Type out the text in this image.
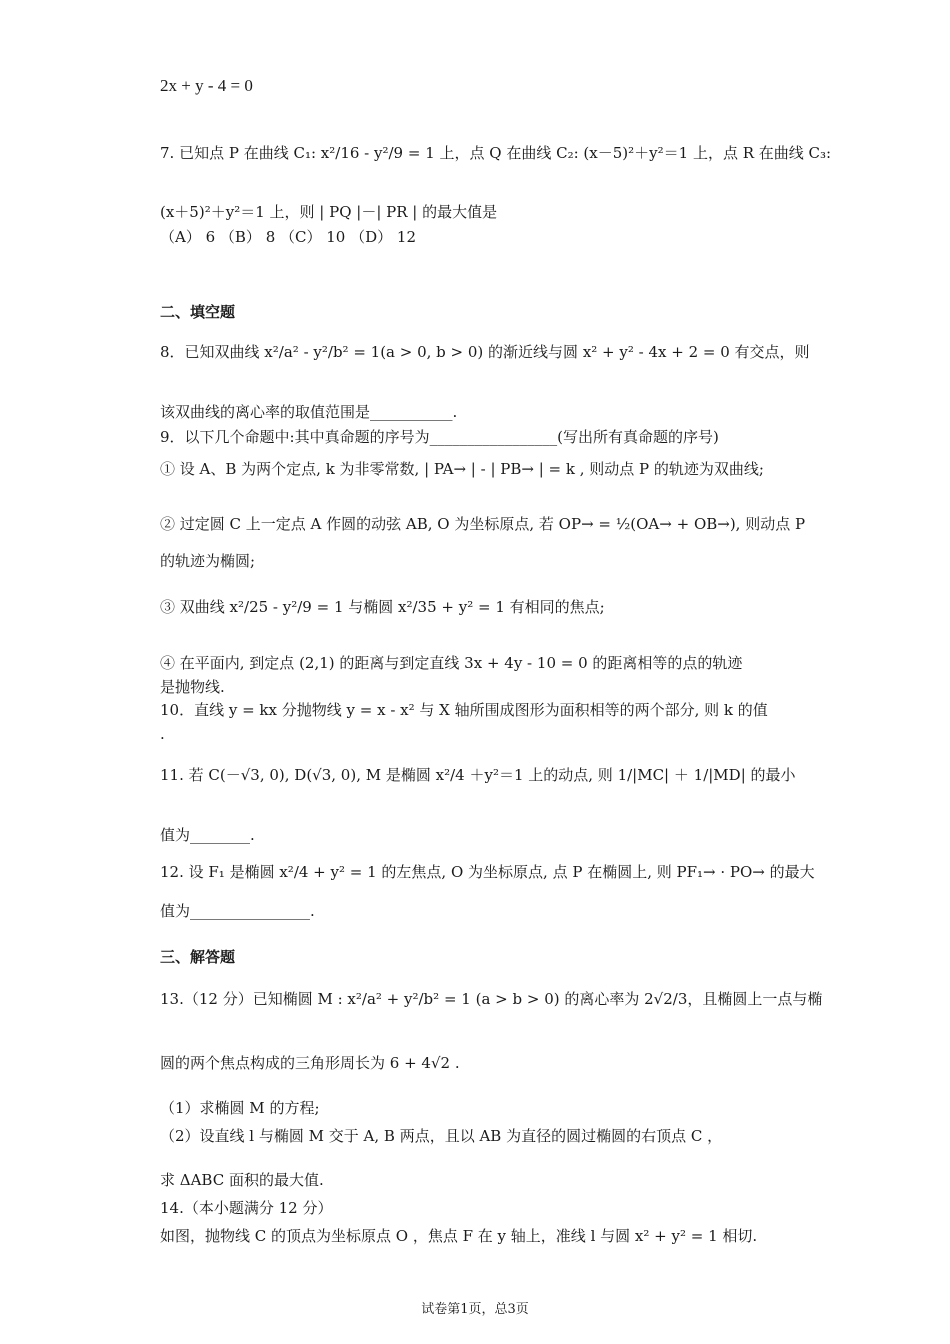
2x + y - 4 = 0
7. 已知点 P 在曲线 C₁: x²/16 - y²/9 = 1 上，点 Q 在曲线 C₂: (x－5)²＋y²＝1 上，点 R 在曲线 C₃:
(x＋5)²＋y²＝1 上，则 | PQ |－| PR | 的最大值是
（A） 6 （B） 8 （C） 10 （D） 12
二、填空题
8．已知双曲线 x²/a² - y²/b² = 1(a > 0, b > 0) 的渐近线与圆 x² + y² - 4x + 2 = 0 有交点，则
该双曲线的离心率的取值范围是___________.
9．以下几个命题中:其中真命题的序号为_________________(写出所有真命题的序号)
① 设 A、B 为两个定点, k 为非零常数, | PA→ | - | PB→ | = k , 则动点 P 的轨迹为双曲线;
② 过定圆 C 上一定点 A 作圆的动弦 AB, O 为坐标原点, 若 OP→ = ½(OA→ + OB→), 则动点 P
的轨迹为椭圆;
③ 双曲线 x²/25 - y²/9 = 1 与椭圆 x²/35 + y² = 1 有相同的焦点;
④ 在平面内, 到定点 (2,1) 的距离与到定直线 3x + 4y - 10 = 0 的距离相等的点的轨迹
是抛物线.
10．直线 y = kx 分抛物线 y = x - x² 与 X 轴所围成图形为面积相等的两个部分, 则 k 的值
.
11. 若 C(－√3, 0), D(√3, 0), M 是椭圆 x²/4 ＋y²＝1 上的动点, 则 1/|MC| ＋ 1/|MD| 的最小
值为________.
12. 设 F₁ 是椭圆 x²/4 + y² = 1 的左焦点, O 为坐标原点, 点 P 在椭圆上, 则 PF₁→ · PO→ 的最大
值为________________.
三、解答题
13.（12 分）已知椭圆 M : x²/a² + y²/b² = 1 (a > b > 0) 的离心率为 2√2/3，且椭圆上一点与椭
圆的两个焦点构成的三角形周长为 6 + 4√2 .
（1）求椭圆 M 的方程;
（2）设直线 l 与椭圆 M 交于 A, B 两点，且以 AB 为直径的圆过椭圆的右顶点 C ，
求 ΔABC 面积的最大值.
14.（本小题满分 12 分）
如图，抛物线 C 的顶点为坐标原点 O ，焦点 F 在 y 轴上，准线 l 与圆 x² + y² = 1 相切.
试卷第1页，总3页
